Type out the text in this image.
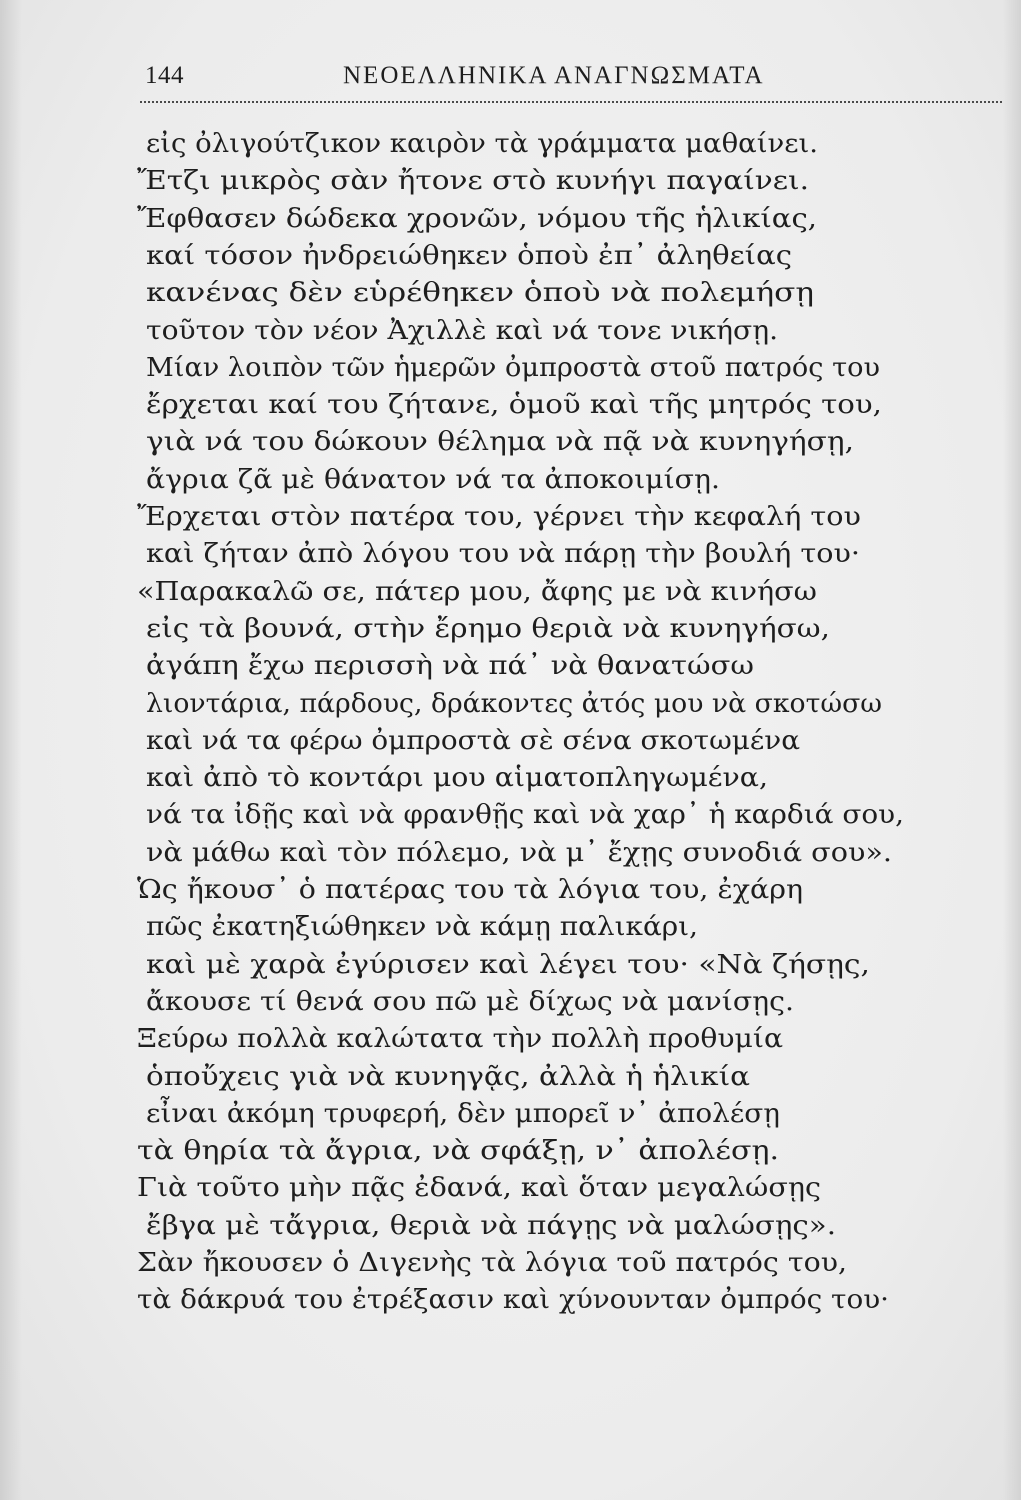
144	ΝΕΟΕΛΛΗΝΙΚΑ ΑΝΑΓΝΩΣΜΑΤΑ
εἰς ὀλιγούτζικον καιρὸν τὰ γράμματα μαθαίνει.
Ἔτζι μικρὸς σὰν ἤτονε στὸ κυνήγι παγαίνει.
Ἔφθασεν δώδεκα χρονῶν, νόμου τῆς ἡλικίας,
καί τόσον ἠνδρειώθηκεν ὁποὺ ἐπ᾿ ἀληθείας
κανένας δὲν εὑρέθηκεν ὁποὺ νὰ πολεμήσῃ
τοῦτον τὸν νέον Ἀχιλλὲ καὶ νά τονε νικήσῃ.
Μίαν λοιπὸν τῶν ἡμερῶν ὀμπροστὰ στοῦ πατρός του
ἔρχεται καί του ζήτανε, ὁμοῦ καὶ τῆς μητρός του,
γιὰ νά του δώκουν θέλημα νὰ πᾷ νὰ κυνηγήσῃ,
ἄγρια ζᾶ μὲ θάνατον νά τα ἀποκοιμίσῃ.
Ἔρχεται στὸν πατέρα του, γέρνει τὴν κεφαλή του
καὶ ζήταν ἀπὸ λόγου του νὰ πάρῃ τὴν βουλή του·
«Παρακαλῶ σε, πάτερ μου, ἄφης με νὰ κινήσω
εἰς τὰ βουνά, στὴν ἔρημο θεριὰ νὰ κυνηγήσω,
ἀγάπη ἔχω περισσὴ νὰ πά᾿ νὰ θανατώσω
λιοντάρια, πάρδους, δράκοντες ἀτός μου νὰ σκοτώσω
καὶ νά τα φέρω ὀμπροστὰ σὲ σένα σκοτωμένα
καὶ ἀπὸ τὸ κοντάρι μου αἱματοπληγωμένα,
νά τα ἰδῇς καὶ νὰ φρανθῇς καὶ νὰ χαρ᾿ ἡ καρδιά σου,
νὰ μάθω καὶ τὸν πόλεμο, νὰ μ᾿ ἔχῃς συνοδιά σου».
Ὡς ἤκουσ᾿ ὁ πατέρας του τὰ λόγια του, ἐχάρη
πῶς ἐκατηξιώθηκεν νὰ κάμῃ παλικάρι,
καὶ μὲ χαρὰ ἐγύρισεν καὶ λέγει του· «Νὰ ζήσῃς,
ἄκουσε τί θενά σου πῶ μὲ δίχως νὰ μανίσῃς.
Ξεύρω πολλὰ καλώτατα τὴν πολλὴ προθυμία
ὁποὔχεις γιὰ νὰ κυνηγᾷς, ἀλλὰ ἡ ἡλικία
εἶναι ἀκόμη τρυφερή, δὲν μπορεῖ ν᾿ ἀπολέσῃ
τὰ θηρία τὰ ἄγρια, νὰ σφάξῃ, ν᾿ ἀπολέσῃ.
Γιὰ τοῦτο μὴν πᾷς ἐδανά, καὶ ὅταν μεγαλώσῃς
ἔβγα μὲ τἄγρια, θεριὰ νὰ πάγῃς νὰ μαλώσῃς».
Σὰν ἤκουσεν ὁ Διγενὴς τὰ λόγια τοῦ πατρός του,
τὰ δάκρυά του ἐτρέξασιν καὶ χύνουνταν ὀμπρός του·
